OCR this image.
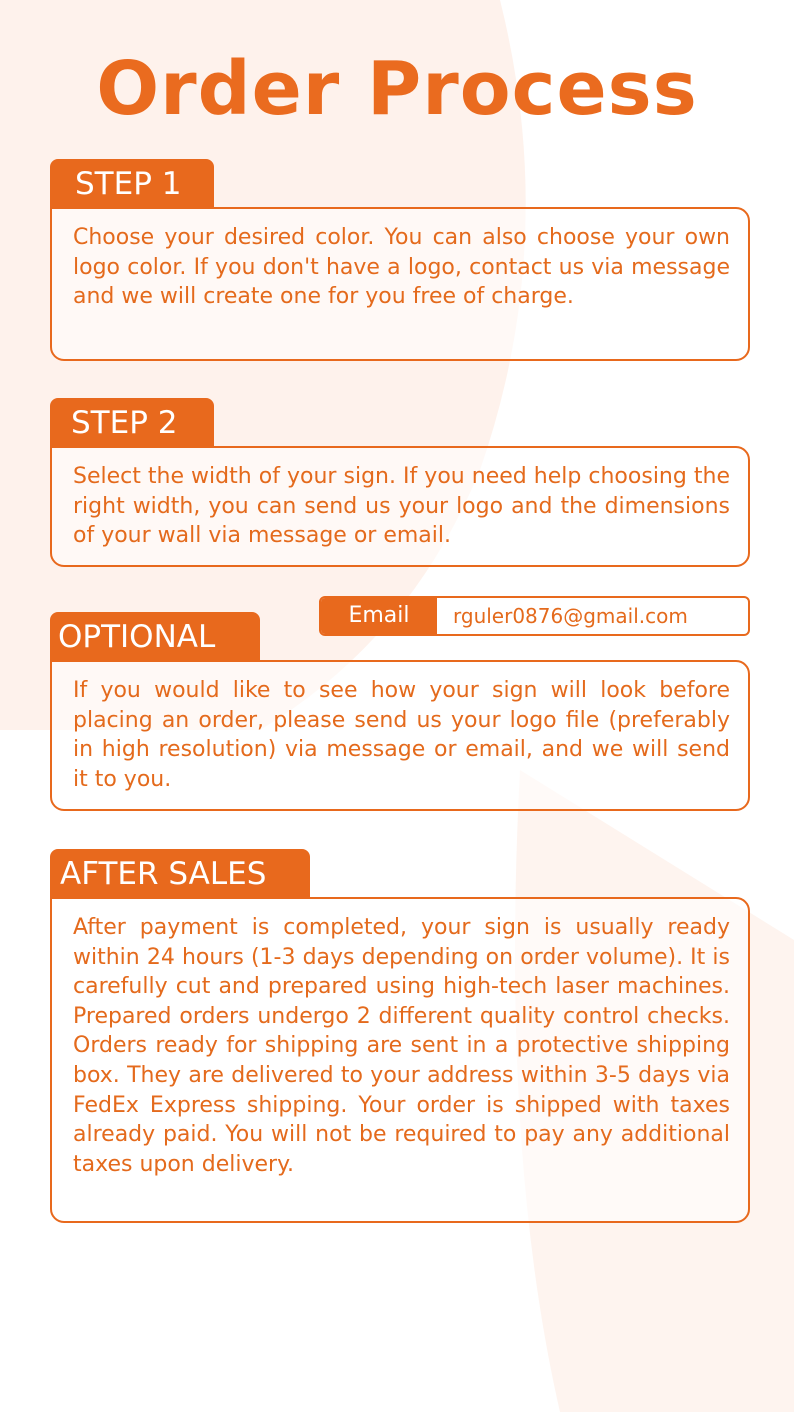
Order Process
STEP 1
Choose your desired color. You can also choose your own logo color. If you don't have a logo, contact us via message and we will create one for you free of charge.
STEP 2
Select the width of your sign. If you need help choosing the right width, you can send us your logo and the dimensions of your wall via message or email.
Email	rguler0876@gmail.com
OPTIONAL
If you would like to see how your sign will look before placing an order, please send us your logo file (preferably in high resolution) via message or email, and we will send it to you.
AFTER SALES
After payment is completed, your sign is usually ready within 24 hours (1-3 days depending on order volume). It is carefully cut and prepared using high-tech laser machines. Prepared orders undergo 2 different quality control checks. Orders ready for shipping are sent in a protective shipping box. They are delivered to your address within 3-5 days via FedEx Express shipping. Your order is shipped with taxes already paid. You will not be required to pay any additional taxes upon delivery.
